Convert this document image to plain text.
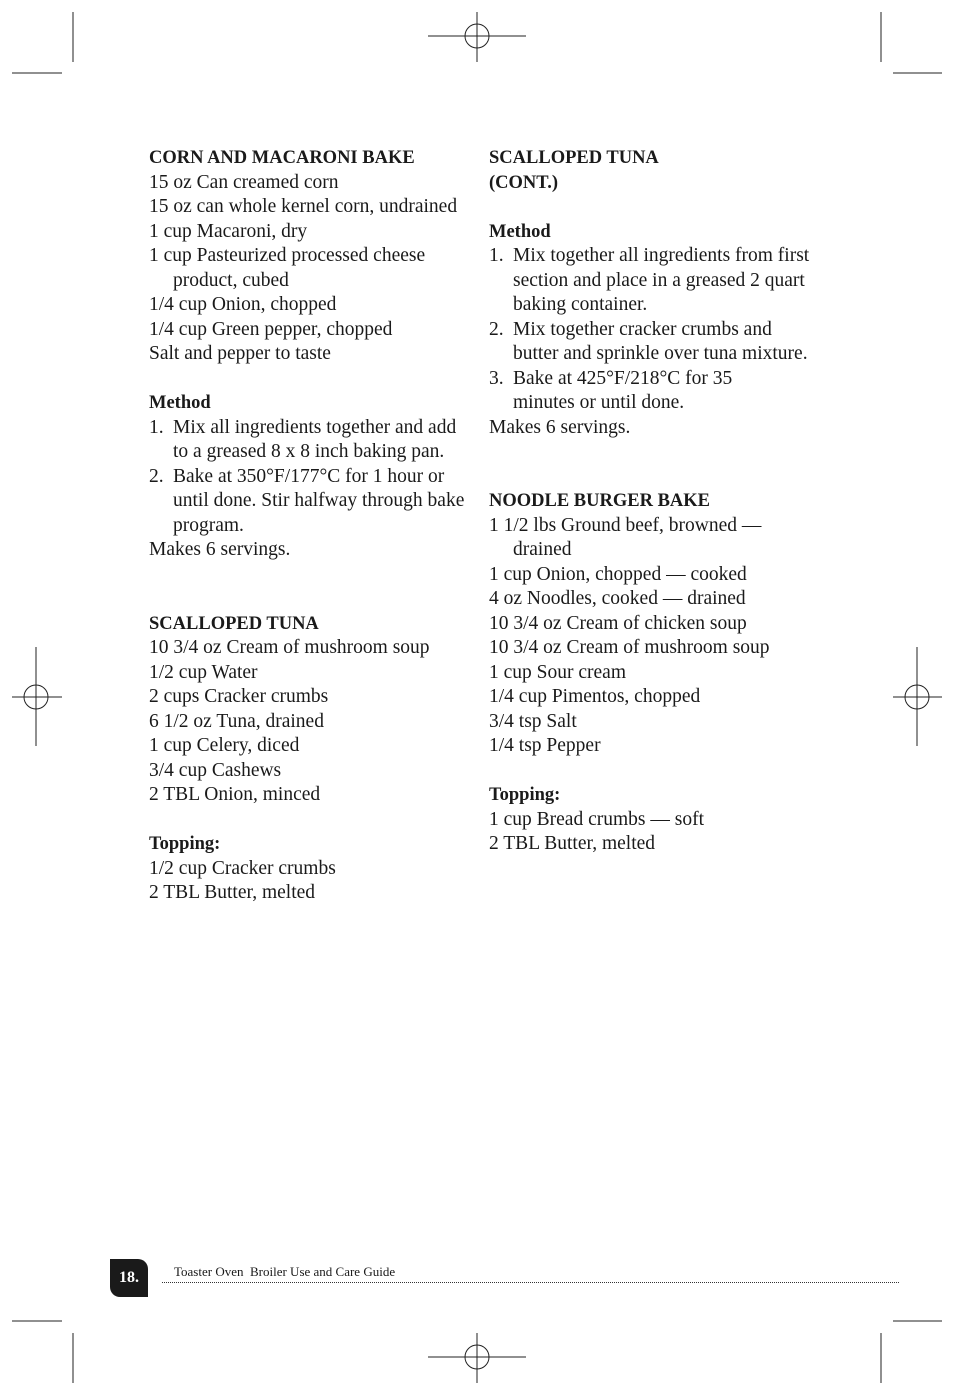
CORN AND MACARONI BAKE
15 oz Can creamed corn
15 oz can whole kernel corn, undrained
1 cup Macaroni, dry
1 cup Pasteurized processed cheese product, cubed
1/4 cup Onion, chopped
1/4 cup Green pepper, chopped
Salt and pepper to taste
Method
1. Mix all ingredients together and add to a greased 8 x 8 inch baking pan.
2. Bake at 350°F/177°C for 1 hour or until done. Stir halfway through bake program.
Makes 6 servings.
SCALLOPED TUNA
10 3/4 oz Cream of mushroom soup
1/2 cup Water
2 cups Cracker crumbs
6 1/2 oz Tuna, drained
1 cup Celery, diced
3/4 cup Cashews
2 TBL Onion, minced
Topping:
1/2 cup Cracker crumbs
2 TBL Butter, melted
SCALLOPED TUNA
(CONT.)
Method
1. Mix together all ingredients from first section and place in a greased 2 quart baking container.
2. Mix together cracker crumbs and butter and sprinkle over tuna mixture.
3. Bake at 425°F/218°C for 35 minutes or until done.
Makes 6 servings.
NOODLE BURGER BAKE
1 1/2 lbs Ground beef, browned — drained
1 cup Onion, chopped — cooked
4 oz Noodles, cooked — drained
10 3/4 oz Cream of chicken soup
10 3/4 oz Cream of mushroom soup
1 cup Sour cream
1/4 cup Pimentos, chopped
3/4 tsp Salt
1/4 tsp Pepper
Topping:
1 cup Bread crumbs — soft
2 TBL Butter, melted
18.	Toaster Oven  Broiler Use and Care Guide
